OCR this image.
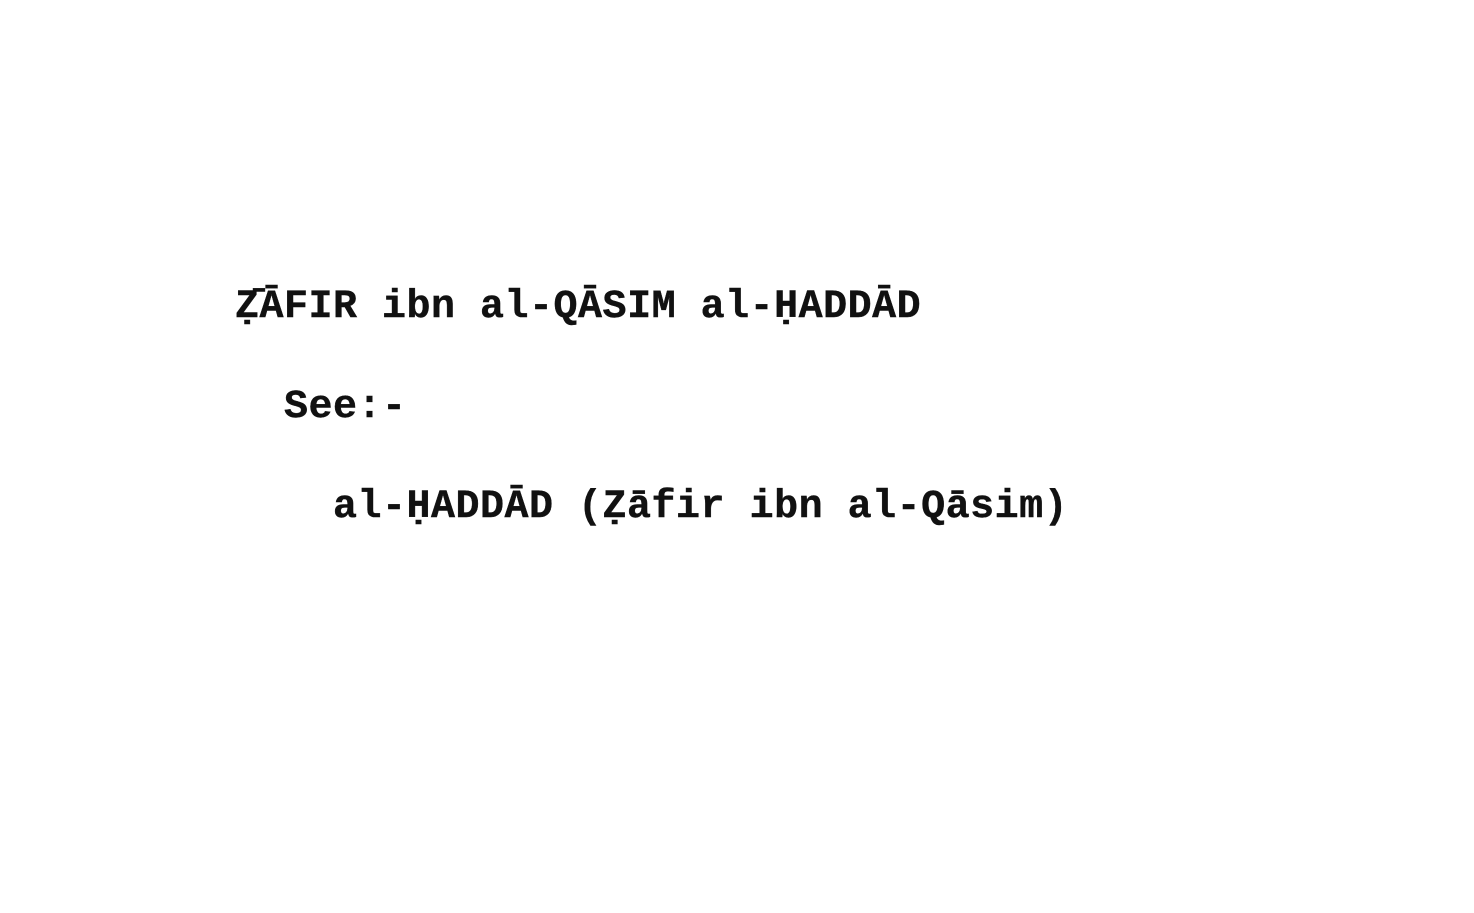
Ẓ̄ĀFIR ibn al-QĀSIM al-ḤADDĀD
See:-
al-ḤADDĀD (Ẓāfir ibn al-Qāsim)
